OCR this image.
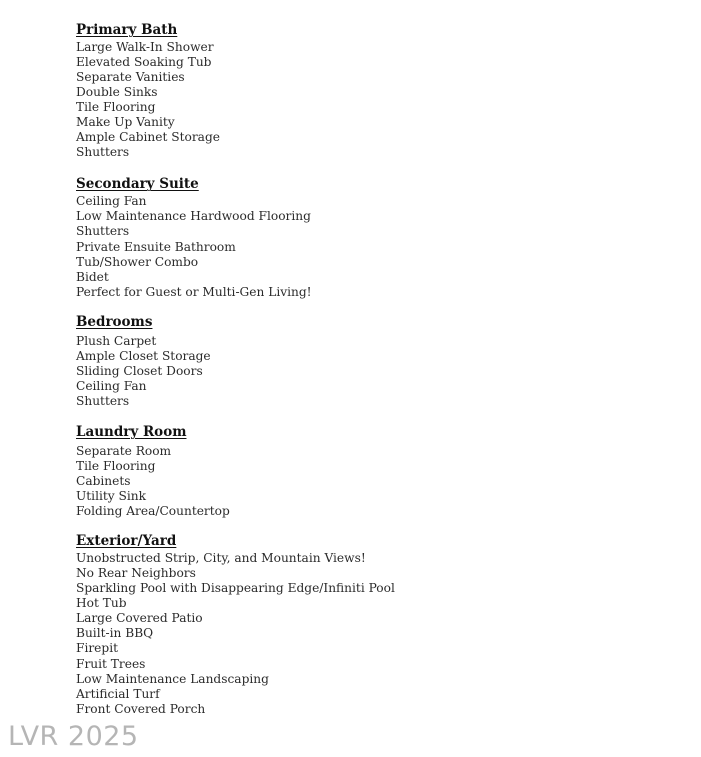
Primary Bath
Large Walk-In Shower
Elevated Soaking Tub
Separate Vanities
Double Sinks
Tile Flooring
Make Up Vanity
Ample Cabinet Storage
Shutters
Secondary Suite
Ceiling Fan
Low Maintenance Hardwood Flooring
Shutters
Private Ensuite Bathroom
Tub/Shower Combo
Bidet
Perfect for Guest or Multi-Gen Living!
Bedrooms
Plush Carpet
Ample Closet Storage
Sliding Closet Doors
Ceiling Fan
Shutters
Laundry Room
Separate Room
Tile Flooring
Cabinets
Utility Sink
Folding Area/Countertop
Exterior/Yard
Unobstructed Strip, City, and Mountain Views!
No Rear Neighbors
Sparkling Pool with Disappearing Edge/Infiniti Pool
Hot Tub
Large Covered Patio
Built-in BBQ
Firepit
Fruit Trees
Low Maintenance Landscaping
Artificial Turf
Front Covered Porch
LVR 2025
